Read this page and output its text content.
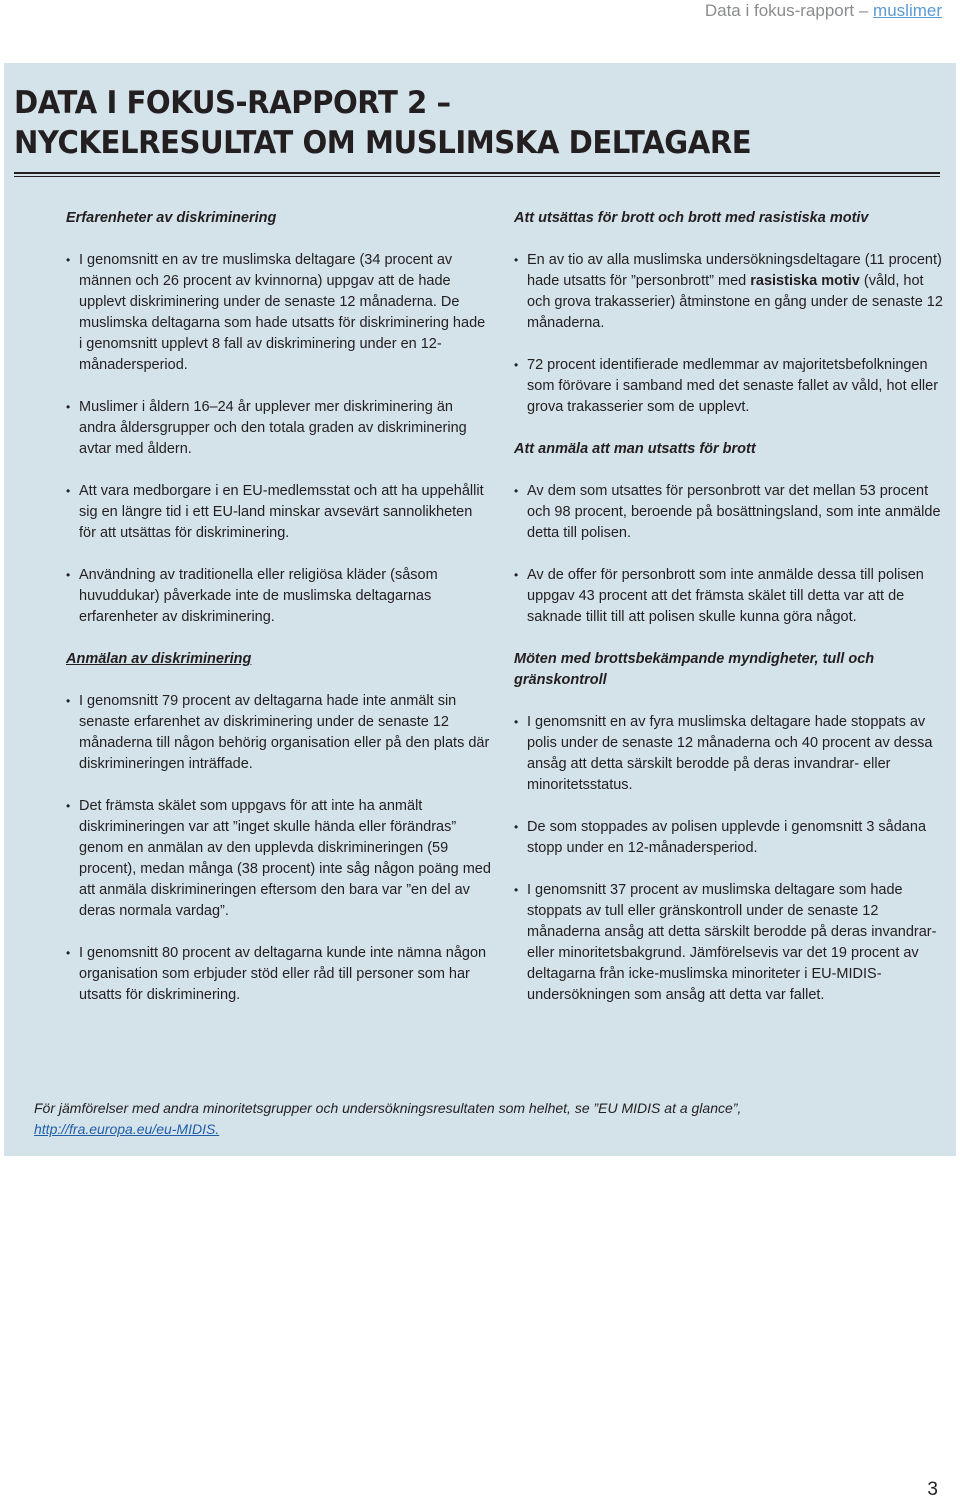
Data i fokus-rapport – muslimer
DATA I FOKUS-RAPPORT 2 –
NYCKELRESULTAT OM MUSLIMSKA DELTAGARE
Erfarenheter av diskriminering
• I genomsnitt en av tre muslimska deltagare (34 procent av männen och 26 procent av kvinnorna) uppgav att de hade upplevt diskriminering under de senaste 12 månaderna. De muslimska deltagarna som hade utsatts för diskriminering hade i genomsnitt upplevt 8 fall av diskriminering under en 12-månadersperiod.
• Muslimer i åldern 16–24 år upplever mer diskriminering än andra åldersgrupper och den totala graden av diskriminering avtar med åldern.
• Att vara medborgare i en EU-medlemsstat och att ha uppehållit sig en längre tid i ett EU-land minskar avsevärt sannolikheten för att utsättas för diskriminering.
• Användning av traditionella eller religiösa kläder (såsom huvuddukar) påverkade inte de muslimska deltagarnas erfarenheter av diskriminering.
Anmälan av diskriminering
• I genomsnitt 79 procent av deltagarna hade inte anmält sin senaste erfarenhet av diskriminering under de senaste 12 månaderna till någon behörig organisation eller på den plats där diskrimineringen inträffade.
• Det främsta skälet som uppgavs för att inte ha anmält diskrimineringen var att ”inget skulle hända eller förändras” genom en anmälan av den upplevda diskrimineringen (59 procent), medan många (38 procent) inte såg någon poäng med att anmäla diskrimineringen eftersom den bara var ”en del av deras normala vardag”.
• I genomsnitt 80 procent av deltagarna kunde inte nämna någon organisation som erbjuder stöd eller råd till personer som har utsatts för diskriminering.
Att utsättas för brott och brott med rasistiska motiv
• En av tio av alla muslimska undersökningsdeltagare (11 procent) hade utsatts för ”personbrott” med rasistiska motiv (våld, hot och grova trakasserier) åtminstone en gång under de senaste 12 månaderna.
• 72 procent identifierade medlemmar av majoritetsbefolkningen som förövare i samband med det senaste fallet av våld, hot eller grova trakasserier som de upplevt.
Att anmäla att man utsatts för brott
• Av dem som utsattes för personbrott var det mellan 53 procent och 98 procent, beroende på bosättningsland, som inte anmälde detta till polisen.
• Av de offer för personbrott som inte anmälde dessa till polisen uppgav 43 procent att det främsta skälet till detta var att de saknade tillit till att polisen skulle kunna göra något.
Möten med brottsbekämpande myndigheter, tull och gränskontroll
• I genomsnitt en av fyra muslimska deltagare hade stoppats av polis under de senaste 12 månaderna och 40 procent av dessa ansåg att detta särskilt berodde på deras invandrar- eller minoritetsstatus.
• De som stoppades av polisen upplevde i genomsnitt 3 sådana stopp under en 12-månadersperiod.
• I genomsnitt 37 procent av muslimska deltagare som hade stoppats av tull eller gränskontroll under de senaste 12 månaderna ansåg att detta särskilt berodde på deras invandrar- eller minoritetsbakgrund. Jämförelsevis var det 19 procent av deltagarna från icke-muslimska minoriteter i EU-MIDIS-undersökningen som ansåg att detta var fallet.
För jämförelser med andra minoritetsgrupper och undersökningsresultaten som helhet, se ”EU MIDIS at a glance”,
http://fra.europa.eu/eu-MIDIS.
3
